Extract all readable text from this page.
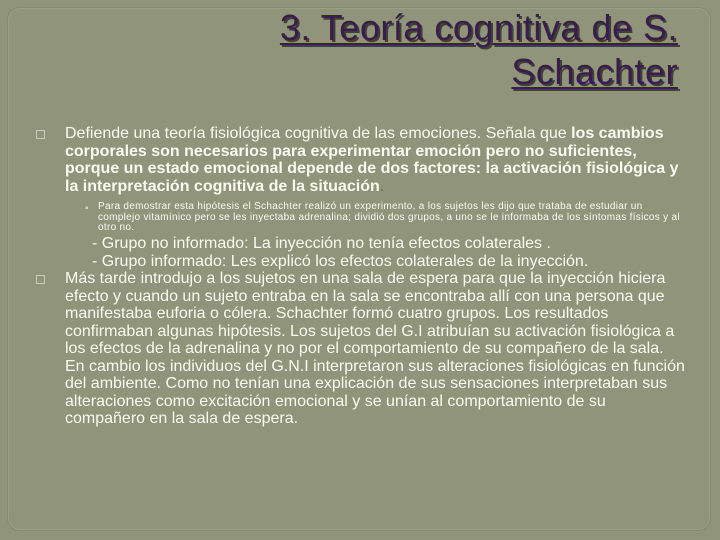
3. Teoría cognitiva de S.
Schachter

Defiende una teoría fisiológica cognitiva de las emociones. Señala que los cambios corporales son necesarios para experimentar emoción pero no suficientes, porque un estado emocional depende de dos factores: la activación fisiológica y la interpretación cognitiva de la situación.

▪ Para demostrar esta hipótesis el Schachter realizó un experimento, a los sujetos les dijo que trataba de estudiar un complejo vitamínico pero se les inyectaba adrenalina; dividió dos grupos, a uno se le informaba de los síntomas físicos y al otro no.

- Grupo no informado: La inyección no tenía efectos colaterales .
- Grupo informado: Les explicó los efectos colaterales de la inyección.

Más tarde introdujo a los sujetos en una sala de espera para que la inyección hiciera efecto y cuando un sujeto entraba en la sala se encontraba allí con una persona que manifestaba euforia o cólera. Schachter formó cuatro grupos. Los resultados confirmaban algunas hipótesis. Los sujetos del G.I atribuían su activación fisiológica a los efectos de la adrenalina y no por el comportamiento de su compañero de la sala. En cambio los individuos del G.N.I interpretaron sus alteraciones fisiológicas en función del ambiente. Como no tenían una explicación de sus sensaciones interpretaban sus alteraciones como excitación emocional y se unían al comportamiento de su compañero en la sala de espera.
